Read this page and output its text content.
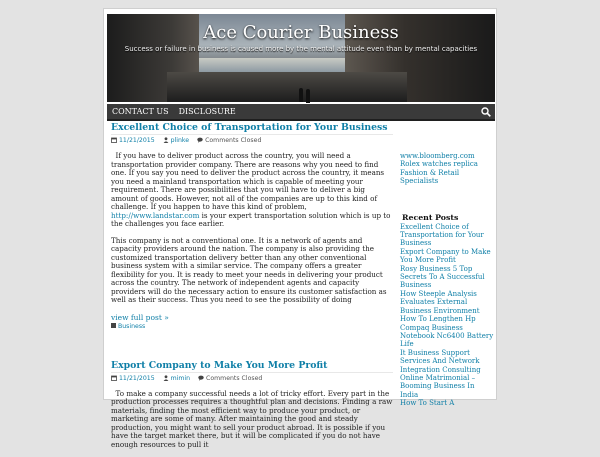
Ace Courier Business
Success or failure in business is caused more by the mental attitude even than by mental capacities
CONTACT US	DISCLOSURE
Excellent Choice of Transportation for Your Business
11/21/2015	plinke	Comments Closed

If you have to deliver product across the country, you will need a transportation provider company. There are reasons why you need to find one. If you say you need to deliver the product across the country, it means you need a mainland transportation which is capable of meeting your requirement. There are possibilities that you will have to deliver a big amount of goods. However, not all of the companies are up to this kind of challenge. If you happen to have this kind of problem, http://www.landstar.com is your expert transportation solution which is up to the challenges you face earlier.

This company is not a conventional one. It is a network of agents and capacity providers around the nation. The company is also providing the customized transportation delivery better than any other conventional business system with a similar service. The company offers a greater flexibility for you. It is ready to meet your needs in delivering your product across the country. The network of independent agents and capacity providers will do the necessary action to ensure its customer satisfaction as well as their success. Thus you need to see the possibility of doing

view full post »
Business
Export Company to Make You More Profit
11/21/2015	mimin	Comments Closed

To make a company successful needs a lot of tricky effort. Every part in the production processes requires a thoughtful plan and decisions. Finding a raw materials, finding the most efficient way to produce your product, or marketing are some of many. After maintaining the good and steady production, you might want to sell your product abroad. It is possible if you have the target market there, but it will be complicated if you do not have enough resources to pull it

www.bloomberg.com
Rolex watches replica
Fashion & Retail Specialists
Recent Posts
Excellent Choice of Transportation for Your Business
Export Company to Make You More Profit
Rosy Business 5 Top Secrets To A Successful Business
How Steeple Analysis Evaluates External Business Environment
How To Lengthen Hp Compaq Business Notebook Nc6400 Battery Life
It Business Support Services And Network Integration Consulting
Online Matrimonial – Booming Business In India
How To Start A
